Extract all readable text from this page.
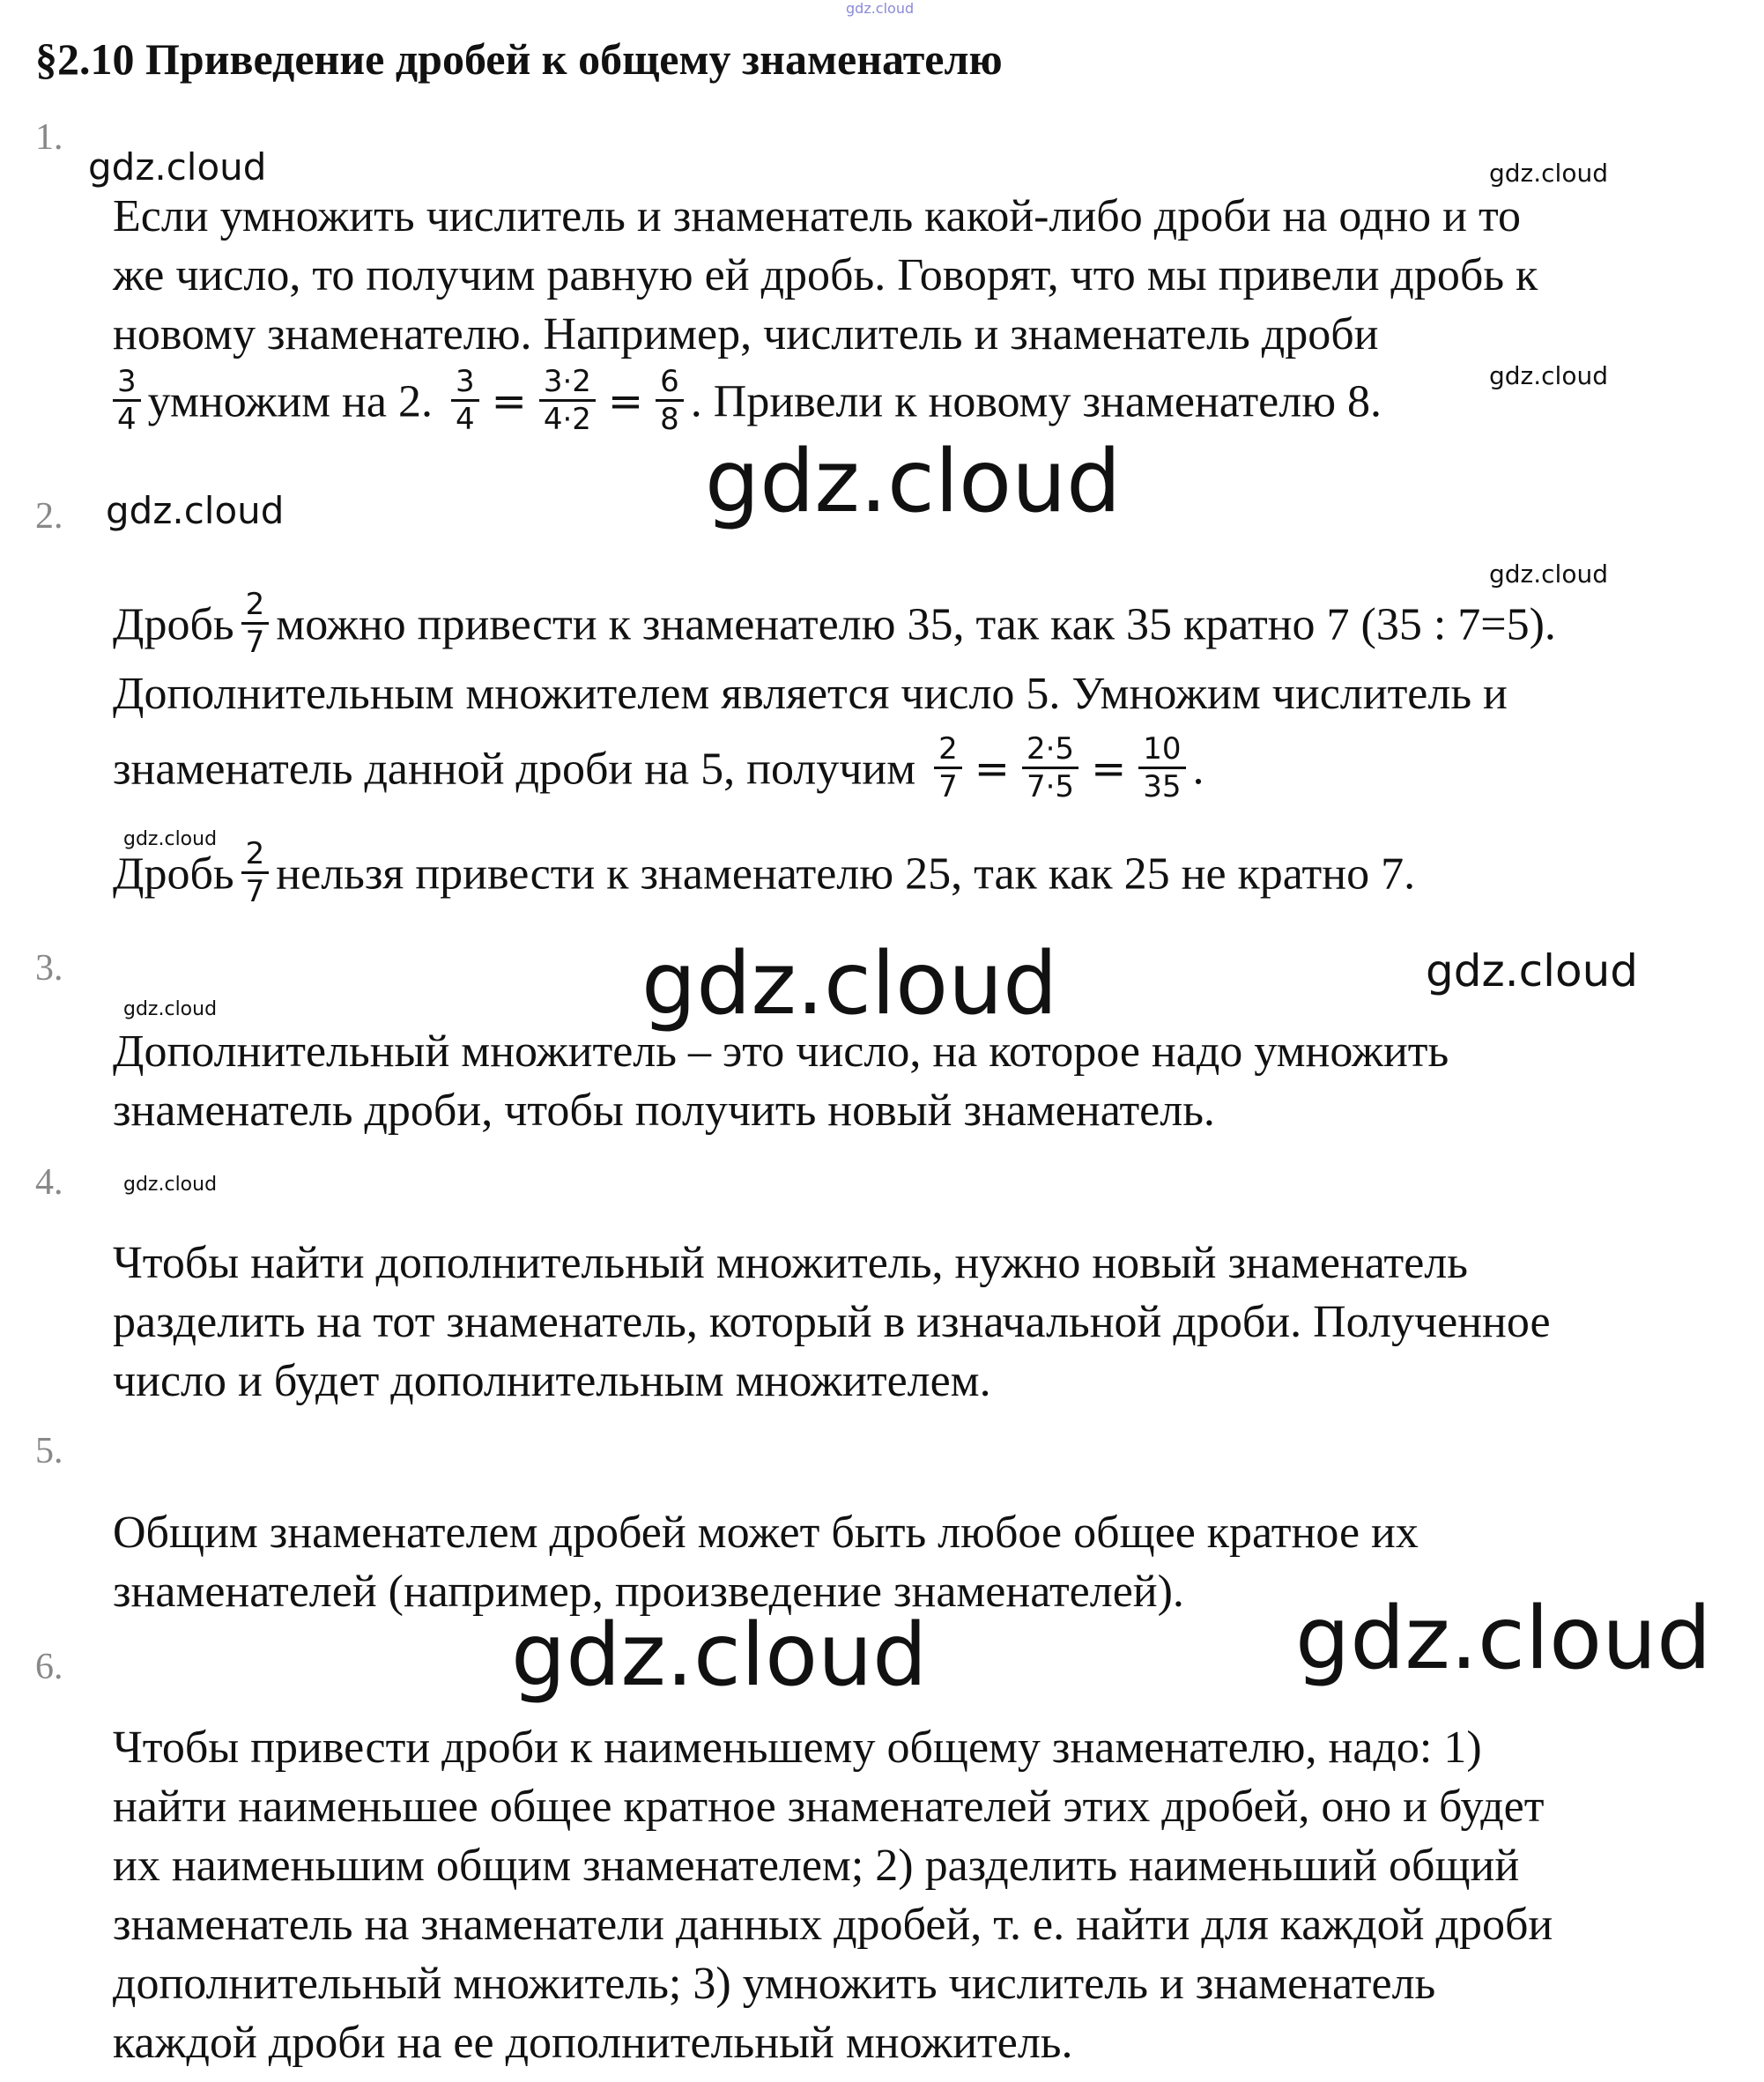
gdz.cloud
§2.10 Приведение дробей к общему знаменателю
1.
2.
3.
4.
5.
6.
gdz.cloud	gdz.cloud
gdz.cloud
gdz.cloud
gdz.cloud
gdz.cloud
gdz.cloud
gdz.cloud	gdz.cloud
gdz.cloud
gdz.cloud
gdz.cloud	gdz.cloud
Если умножить числитель и знаменатель какой-либо дроби на одно и то
же число, то получим равную ей дробь. Говорят, что мы привели дробь к
новому знаменателю. Например, числитель и знаменатель дроби
$\frac{3}{4}$ умножим на 2. $\frac{3}{4} = \frac{3\cdot 2}{4\cdot 2} = \frac{6}{8}$ . Привели к новому знаменателю 8.
Дробь $\frac{2}{7}$ можно привести к знаменателю 35, так как 35 кратно 7 (35 : 7=5).
Дополнительным множителем является число 5. Умножим числитель и
знаменатель данной дроби на 5, получим $\frac{2}{7} = \frac{2\cdot 5}{7\cdot 5} = \frac{10}{35}$ .
Дробь $\frac{2}{7}$ нельзя привести к знаменателю 25, так как 25 не кратно 7.
Дополнительный множитель – это число, на которое надо умножить
знаменатель дроби, чтобы получить новый знаменатель.
Чтобы найти дополнительный множитель, нужно новый знаменатель
разделить на тот знаменатель, который в изначальной дроби. Полученное
число и будет дополнительным множителем.
Общим знаменателем дробей может быть любое общее кратное их
знаменателей (например, произведение знаменателей).
Чтобы привести дроби к наименьшему общему знаменателю, надо: 1)
найти наименьшее общее кратное знаменателей этих дробей, оно и будет
их наименьшим общим знаменателем; 2) разделить наименьший общий
знаменатель на знаменатели данных дробей, т. е. найти для каждой дроби
дополнительный множитель; 3) умножить числитель и знаменатель
каждой дроби на ее дополнительный множитель.
